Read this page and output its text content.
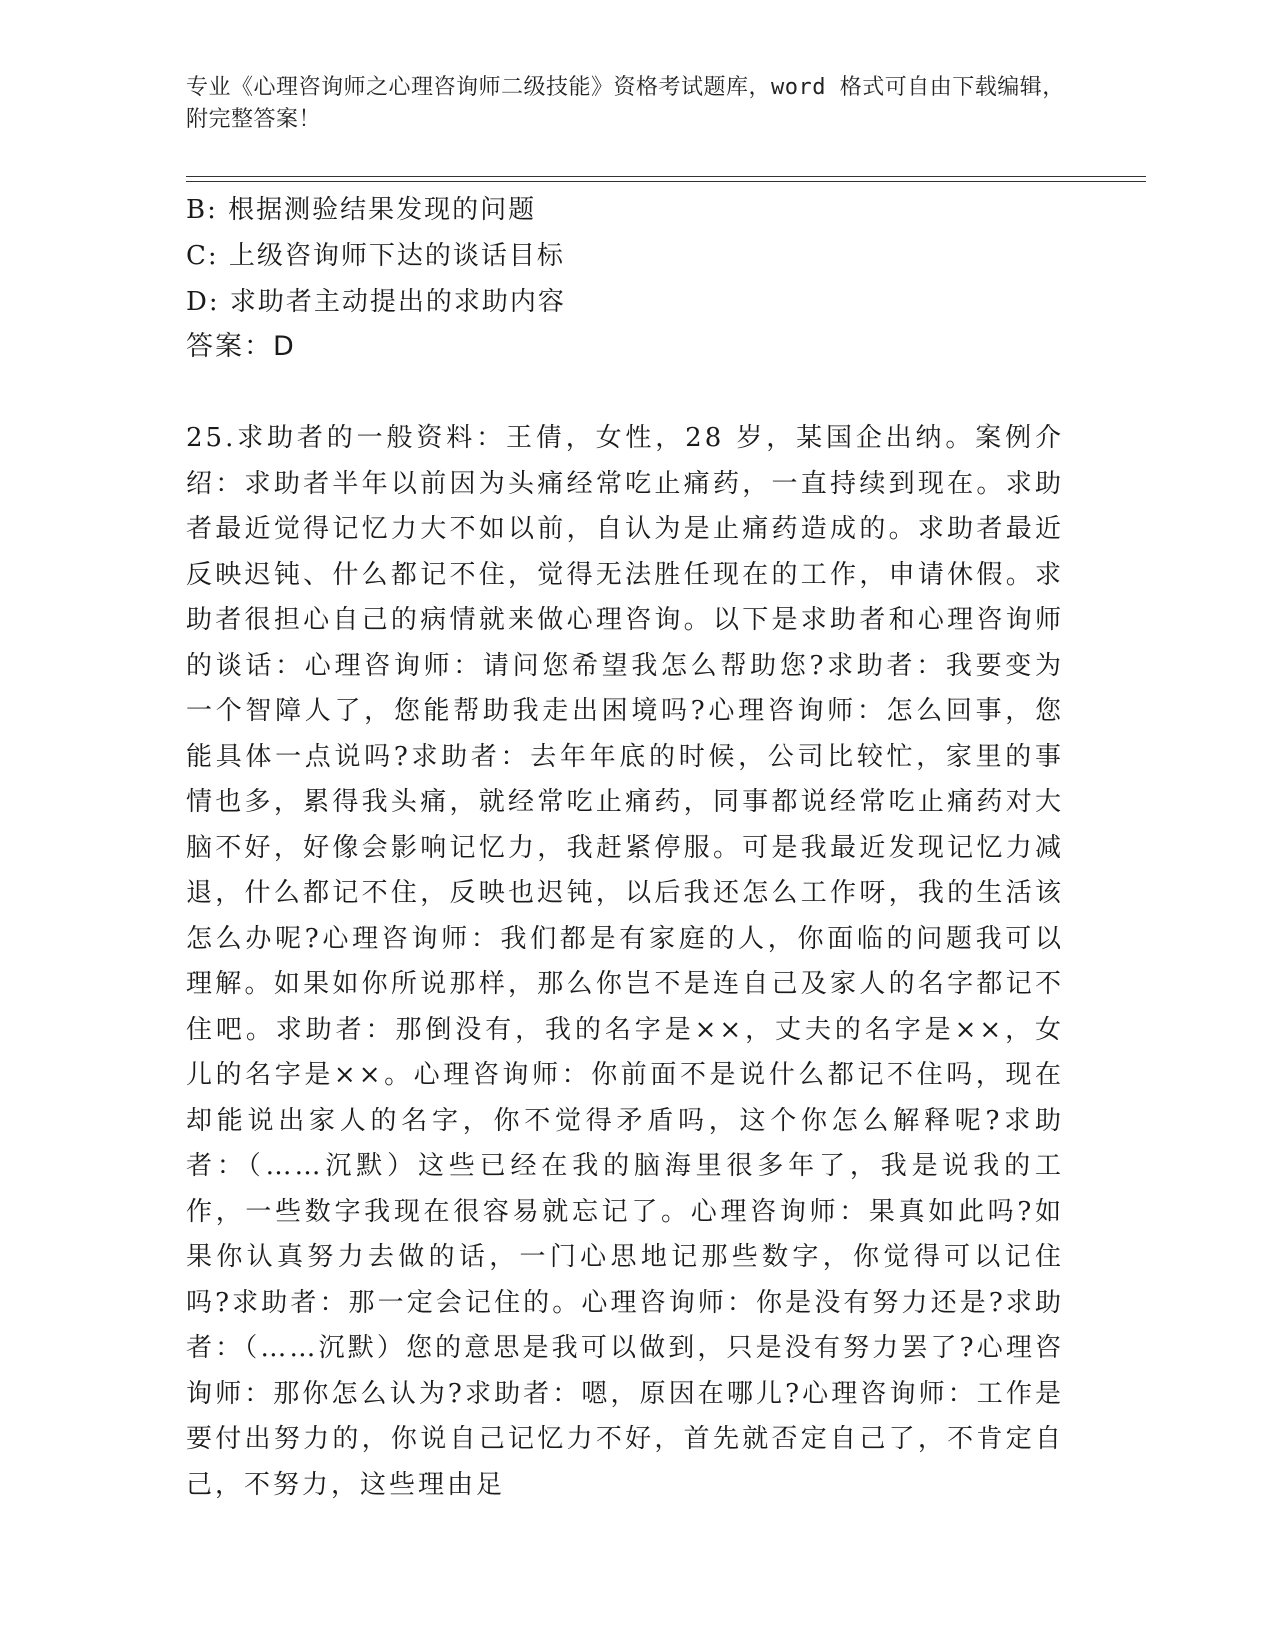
专业《心理咨询师之心理咨询师二级技能》资格考试题库，word 格式可自由下载编辑，附完整答案！
B: 根据测验结果发现的问题
C: 上级咨询师下达的谈话目标
D: 求助者主动提出的求助内容
答案：D
25.求助者的一般资料：王倩，女性，28 岁，某国企出纳。案例介绍：求助者半年以前因为头痛经常吃止痛药，一直持续到现在。求助者最近觉得记忆力大不如以前，自认为是止痛药造成的。求助者最近反映迟钝、什么都记不住，觉得无法胜任现在的工作，申请休假。求助者很担心自己的病情就来做心理咨询。以下是求助者和心理咨询师的谈话：心理咨询师：请问您希望我怎么帮助您?求助者：我要变为一个智障人了，您能帮助我走出困境吗?心理咨询师：怎么回事，您能具体一点说吗?求助者：去年年底的时候，公司比较忙，家里的事情也多，累得我头痛，就经常吃止痛药，同事都说经常吃止痛药对大脑不好，好像会影响记忆力，我赶紧停服。可是我最近发现记忆力减退，什么都记不住，反映也迟钝，以后我还怎么工作呀，我的生活该怎么办呢?心理咨询师：我们都是有家庭的人，你面临的问题我可以理解。如果如你所说那样，那么你岂不是连自己及家人的名字都记不住吧。求助者：那倒没有，我的名字是××，丈夫的名字是××，女儿的名字是××。心理咨询师：你前面不是说什么都记不住吗，现在却能说出家人的名字，你不觉得矛盾吗，这个你怎么解释呢?求助者：（……沉默）这些已经在我的脑海里很多年了，我是说我的工作，一些数字我现在很容易就忘记了。心理咨询师：果真如此吗?如果你认真努力去做的话，一门心思地记那些数字，你觉得可以记住吗?求助者：那一定会记住的。心理咨询师：你是没有努力还是?求助者：（……沉默）您的意思是我可以做到，只是没有努力罢了?心理咨询师：那你怎么认为?求助者：嗯，原因在哪儿?心理咨询师：工作是要付出努力的，你说自己记忆力不好，首先就否定自己了，不肯定自己，不努力，这些理由足
